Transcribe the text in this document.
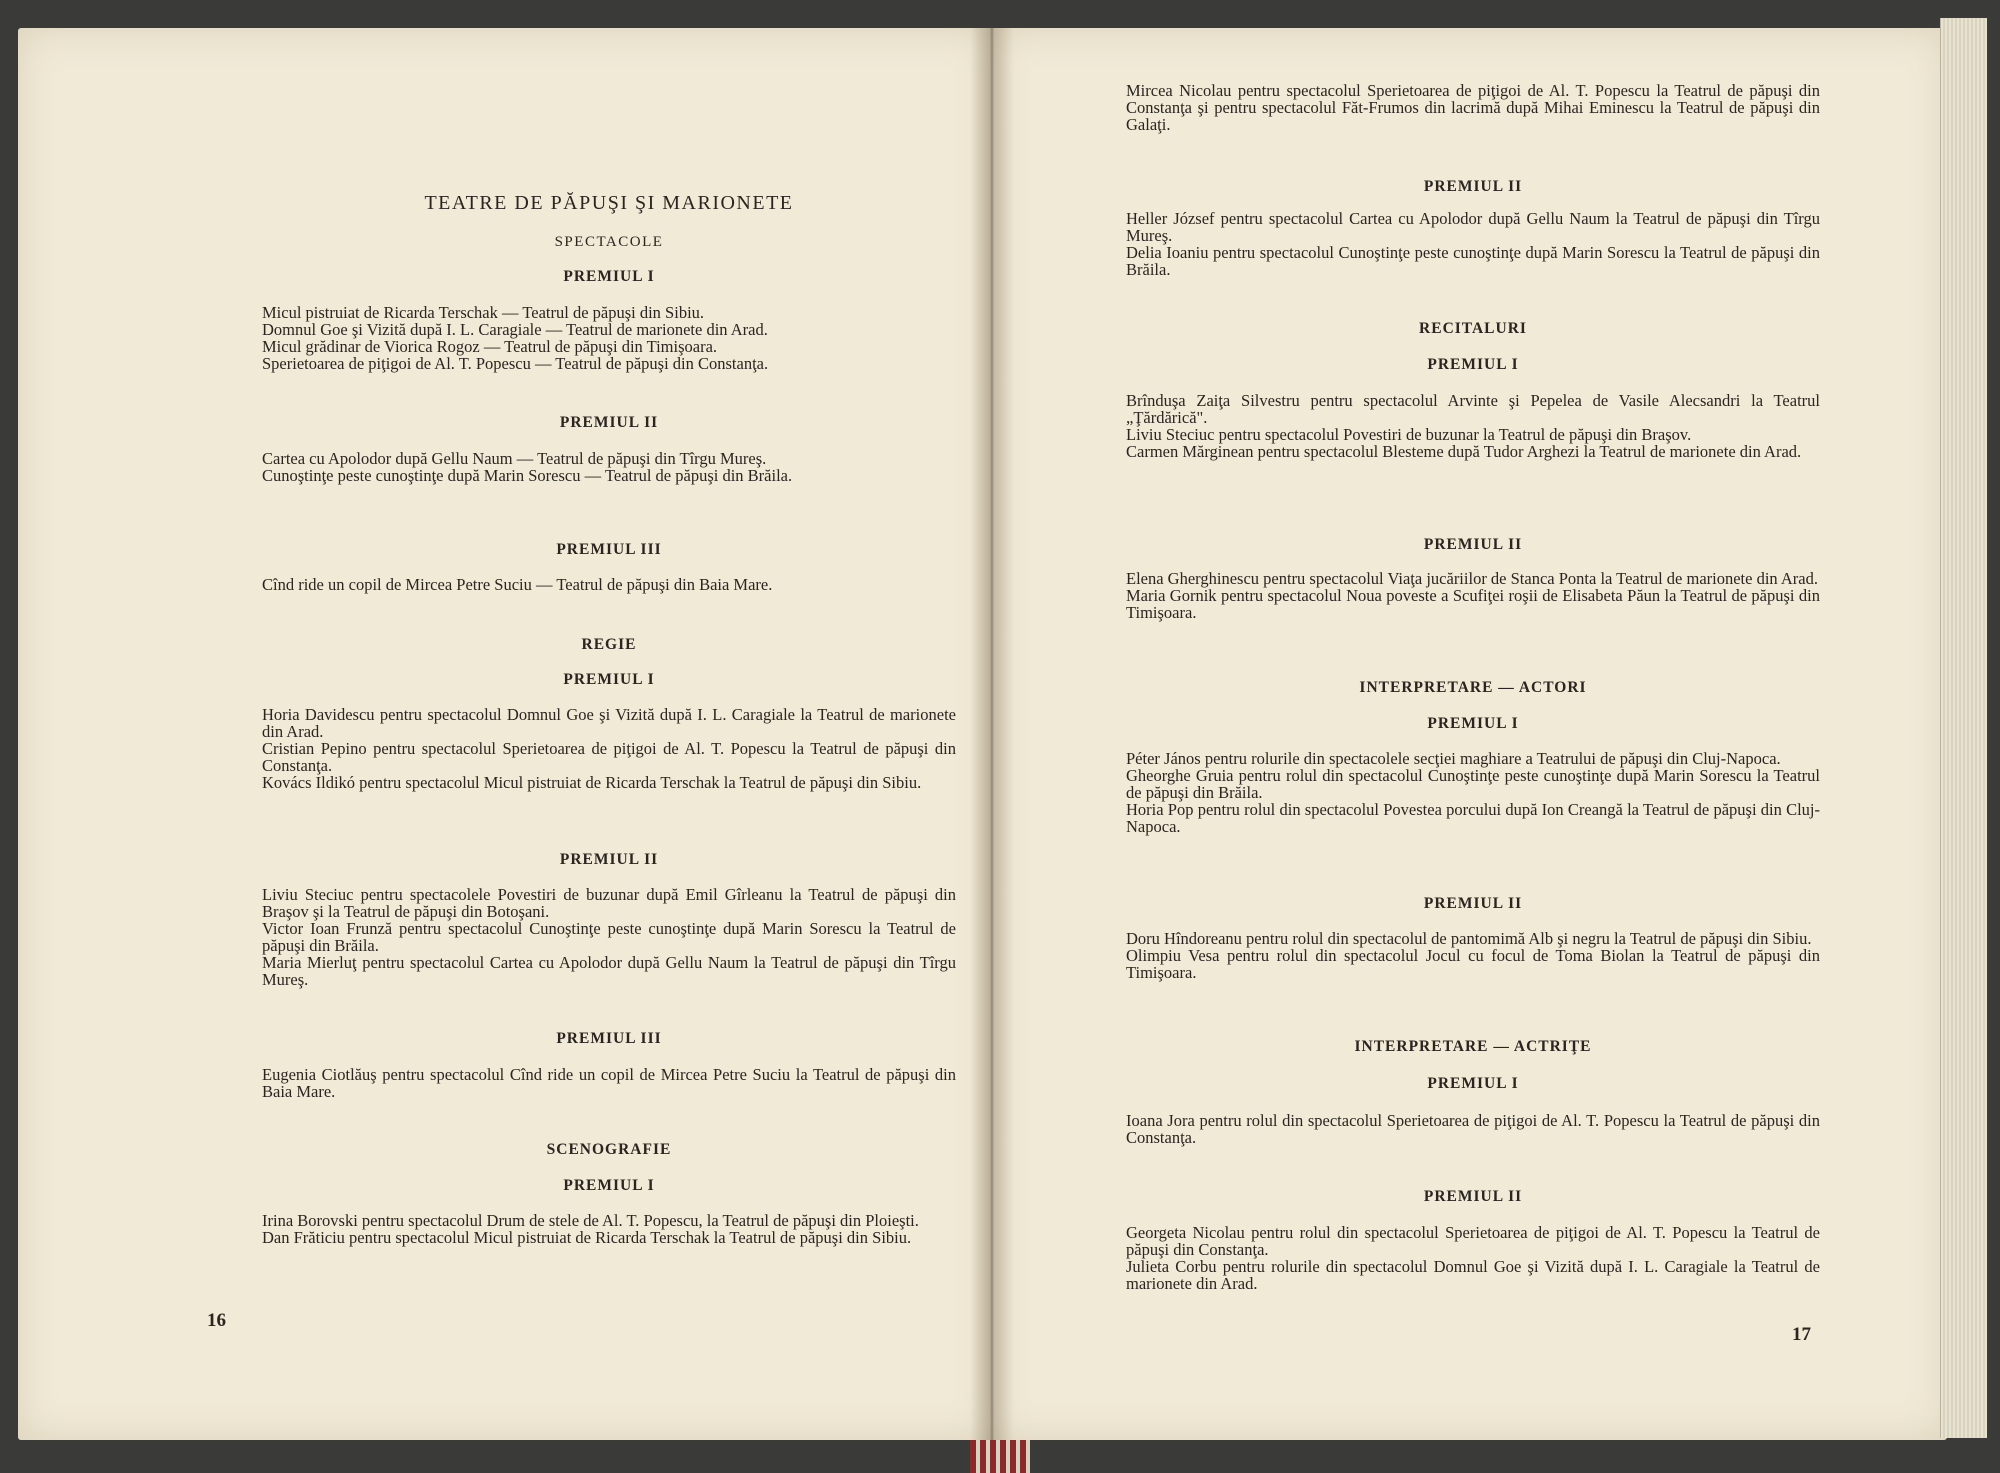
TEATRE DE PĂPUŞI ŞI MARIONETE
SPECTACOLE
PREMIUL I

Micul pistruiat de Ricarda Terschak — Teatrul de păpuşi din Sibiu.

Domnul Goe şi Vizită după I. L. Caragiale — Teatrul de marionete din Arad.

Micul grădinar de Viorica Rogoz — Teatrul de păpuşi din Timişoara.

Sperietoarea de piţigoi de Al. T. Popescu — Teatrul de păpuşi din Constanţa.

PREMIUL II

Cartea cu Apolodor după Gellu Naum — Teatrul de păpuşi din Tîrgu Mureş.

Cunoştinţe peste cunoştinţe după Marin Sorescu — Teatrul de păpuşi din Brăila.

PREMIUL III

Cînd ride un copil de Mircea Petre Suciu — Teatrul de păpuşi din Baia Mare.

REGIE
PREMIUL I

Horia Davidescu pentru spectacolul Domnul Goe şi Vizită după I. L. Caragiale la Teatrul de marionete din Arad.

Cristian Pepino pentru spectacolul Sperietoarea de piţigoi de Al. T. Popescu la Teatrul de păpuşi din Constanţa.

Kovács Ildikó pentru spectacolul Micul pistruiat de Ricarda Terschak la Teatrul de păpuşi din Sibiu.

PREMIUL II

Liviu Steciuc pentru spectacolele Povestiri de buzunar după Emil Gîrleanu la Teatrul de păpuşi din Braşov şi la Teatrul de păpuşi din Botoşani.

Victor Ioan Frunză pentru spectacolul Cunoştinţe peste cunoştinţe după Marin Sorescu la Teatrul de păpuşi din Brăila.

Maria Mierluţ pentru spectacolul Cartea cu Apolodor după Gellu Naum la Teatrul de păpuşi din Tîrgu Mureş.

PREMIUL III

Eugenia Ciotlăuş pentru spectacolul Cînd ride un copil de Mircea Petre Suciu la Teatrul de păpuşi din Baia Mare.

SCENOGRAFIE
PREMIUL I

Irina Borovski pentru spectacolul Drum de stele de Al. T. Popescu, la Teatrul de păpuşi din Ploieşti.

Dan Frăticiu pentru spectacolul Micul pistruiat de Ricarda Terschak la Teatrul de păpuşi din Sibiu.

16

Mircea Nicolau pentru spectacolul Sperietoarea de piţigoi de Al. T. Popescu la Teatrul de păpuşi din Constanţa şi pentru spectacolul Făt-Frumos din lacrimă după Mihai Eminescu la Teatrul de păpuşi din Galaţi.

PREMIUL II

Heller József pentru spectacolul Cartea cu Apolodor după Gellu Naum la Teatrul de păpuşi din Tîrgu Mureş.

Delia Ioaniu pentru spectacolul Cunoştinţe peste cunoştinţe după Marin Sorescu la Teatrul de păpuşi din Brăila.

RECITALURI
PREMIUL I

Brînduşa Zaiţa Silvestru pentru spectacolul Arvinte şi Pepelea de Vasile Alecsandri la Teatrul „Ţărdărică".

Liviu Steciuc pentru spectacolul Povestiri de buzunar la Teatrul de păpuşi din Braşov.

Carmen Mărginean pentru spectacolul Blesteme după Tudor Arghezi la Teatrul de marionete din Arad.

PREMIUL II

Elena Gherghinescu pentru spectacolul Viaţa jucăriilor de Stanca Ponta la Teatrul de marionete din Arad.

Maria Gornik pentru spectacolul Noua poveste a Scufiţei roşii de Elisabeta Păun la Teatrul de păpuşi din Timişoara.

INTERPRETARE — ACTORI
PREMIUL I

Péter János pentru rolurile din spectacolele secţiei maghiare a Teatrului de păpuşi din Cluj-Napoca.

Gheorghe Gruia pentru rolul din spectacolul Cunoştinţe peste cunoştinţe după Marin Sorescu la Teatrul de păpuşi din Brăila.

Horia Pop pentru rolul din spectacolul Povestea porcului după Ion Creangă la Teatrul de păpuşi din Cluj-Napoca.

PREMIUL II

Doru Hîndoreanu pentru rolul din spectacolul de pantomimă Alb şi negru la Teatrul de păpuşi din Sibiu.

Olimpiu Vesa pentru rolul din spectacolul Jocul cu focul de Toma Biolan la Teatrul de păpuşi din Timişoara.

INTERPRETARE — ACTRIŢE
PREMIUL I

Ioana Jora pentru rolul din spectacolul Sperietoarea de piţigoi de Al. T. Popescu la Teatrul de păpuşi din Constanţa.

PREMIUL II

Georgeta Nicolau pentru rolul din spectacolul Sperietoarea de piţigoi de Al. T. Popescu la Teatrul de păpuşi din Constanţa.

Julieta Corbu pentru rolurile din spectacolul Domnul Goe şi Vizită după I. L. Caragiale la Teatrul de marionete din Arad.

17
